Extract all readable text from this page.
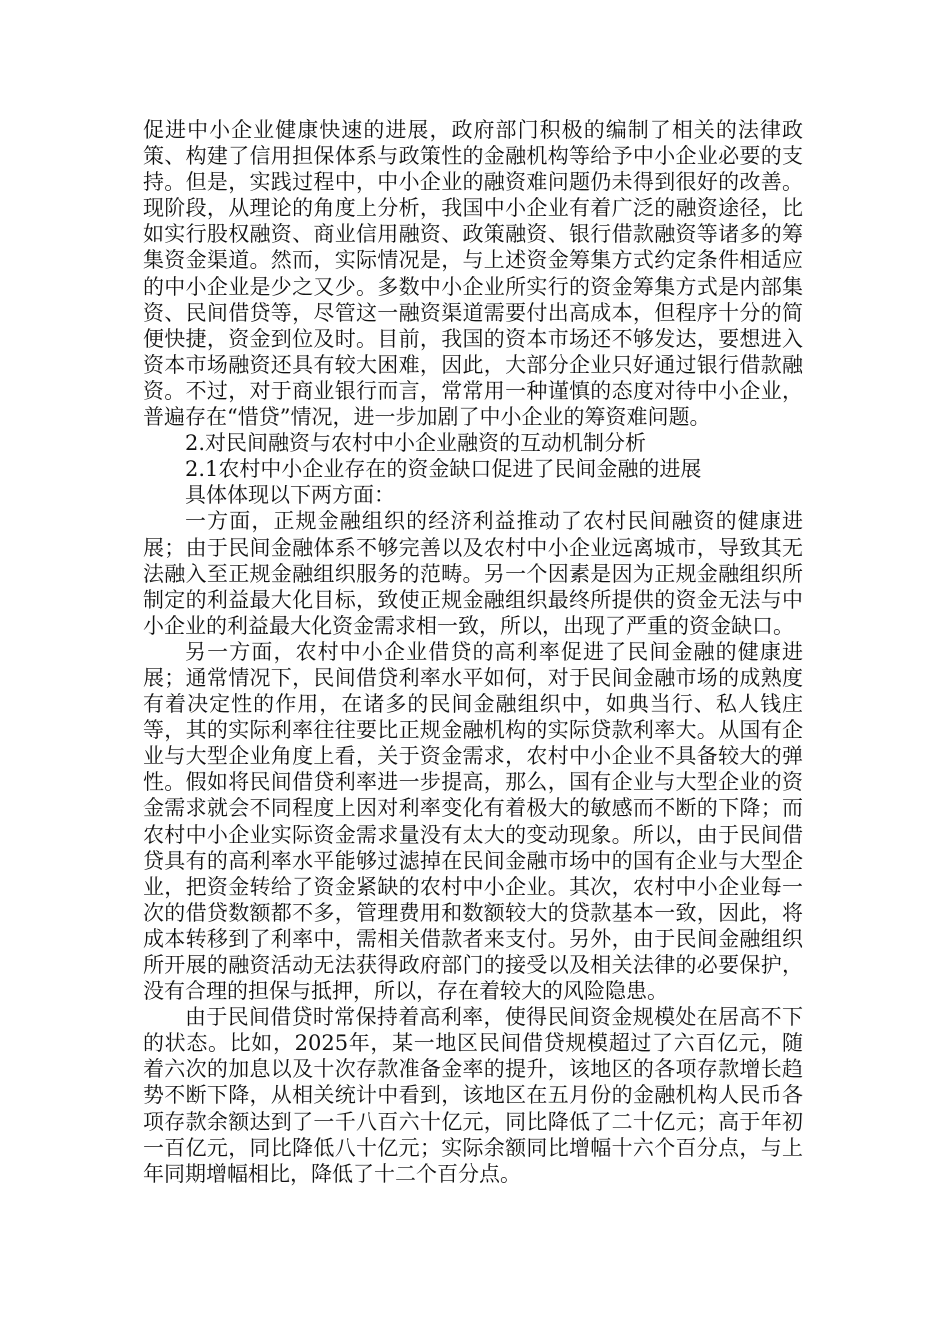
促进中小企业健康快速的进展，政府部门积极的编制了相关的法律政策、构建了信用担保体系与政策性的金融机构等给予中小企业必要的支持。但是，实践过程中，中小企业的融资难问题仍未得到很好的改善。现阶段，从理论的角度上分析，我国中小企业有着广泛的融资途径，比如实行股权融资、商业信用融资、政策融资、银行借款融资等诸多的筹集资金渠道。然而，实际情况是，与上述资金筹集方式约定条件相适应的中小企业是少之又少。多数中小企业所实行的资金筹集方式是内部集资、民间借贷等，尽管这一融资渠道需要付出高成本，但程序十分的简便快捷，资金到位及时。目前，我国的资本市场还不够发达，要想进入资本市场融资还具有较大困难，因此，大部分企业只好通过银行借款融资。不过，对于商业银行而言，常常用一种谨慎的态度对待中小企业，普遍存在“惜贷”情况，进一步加剧了中小企业的筹资难问题。

2.对民间融资与农村中小企业融资的互动机制分析

2.1农村中小企业存在的资金缺口促进了民间金融的进展

具体体现以下两方面：

一方面，正规金融组织的经济利益推动了农村民间融资的健康进展；由于民间金融体系不够完善以及农村中小企业远离城市，导致其无法融入至正规金融组织服务的范畴。另一个因素是因为正规金融组织所制定的利益最大化目标，致使正规金融组织最终所提供的资金无法与中小企业的利益最大化资金需求相一致，所以，出现了严重的资金缺口。

另一方面，农村中小企业借贷的高利率促进了民间金融的健康进展；通常情况下，民间借贷利率水平如何，对于民间金融市场的成熟度有着决定性的作用，在诸多的民间金融组织中，如典当行、私人钱庄等，其的实际利率往往要比正规金融机构的实际贷款利率大。从国有企业与大型企业角度上看，关于资金需求，农村中小企业不具备较大的弹性。假如将民间借贷利率进一步提高，那么，国有企业与大型企业的资金需求就会不同程度上因对利率变化有着极大的敏感而不断的下降；而农村中小企业实际资金需求量没有太大的变动现象。所以，由于民间借贷具有的高利率水平能够过滤掉在民间金融市场中的国有企业与大型企业，把资金转给了资金紧缺的农村中小企业。其次，农村中小企业每一次的借贷数额都不多，管理费用和数额较大的贷款基本一致，因此，将成本转移到了利率中，需相关借款者来支付。另外，由于民间金融组织所开展的融资活动无法获得政府部门的接受以及相关法律的必要保护，没有合理的担保与抵押，所以，存在着较大的风险隐患。

由于民间借贷时常保持着高利率，使得民间资金规模处在居高不下的状态。比如，2025年，某一地区民间借贷规模超过了六百亿元，随着六次的加息以及十次存款准备金率的提升，该地区的各项存款增长趋势不断下降，从相关统计中看到，该地区在五月份的金融机构人民币各项存款余额达到了一千八百六十亿元，同比降低了二十亿元；高于年初一百亿元，同比降低八十亿元；实际余额同比增幅十六个百分点，与上年同期增幅相比，降低了十二个百分点。
